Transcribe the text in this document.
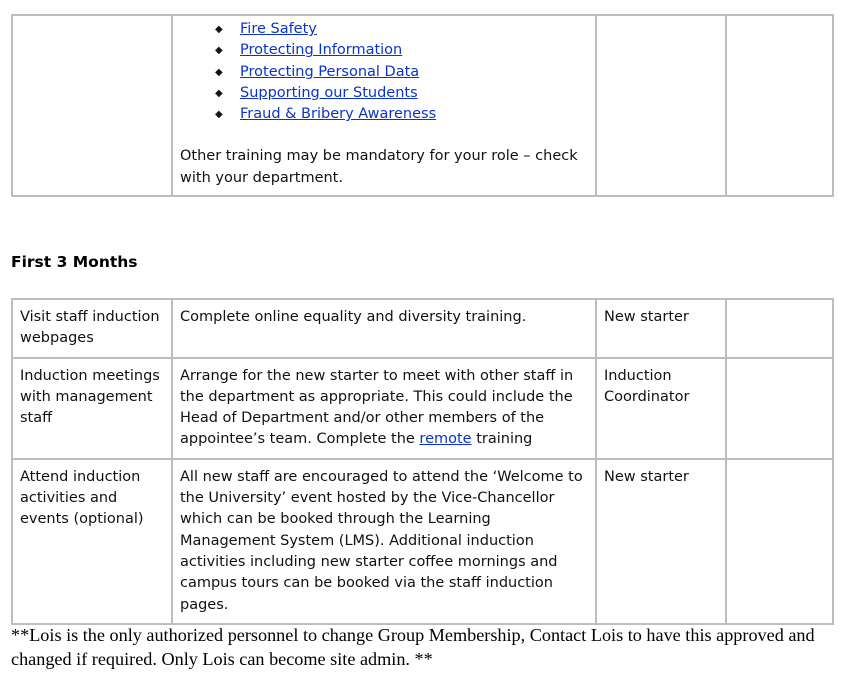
◆ Fire Safety
◆ Protecting Information
◆ Protecting Personal Data
◆ Supporting our Students
◆ Fraud & Bribery Awareness
Other training may be mandatory for your role – check with your department.

First 3 Months
Visit staff induction webpages	Complete online equality and diversity training.	New starter	
Induction meetings with management staff	Arrange for the new starter to meet with other staff in the department as appropriate. This could include the Head of Department and/or other members of the appointee’s team. Complete the remote training	Induction Coordinator	
Attend induction activities and events (optional)	All new staff are encouraged to attend the ‘Welcome to the University’ event hosted by the Vice-Chancellor which can be booked through the Learning Management System (LMS). Additional induction activities including new starter coffee mornings and campus tours can be booked via the staff induction pages.	New starter	

**Lois is the only authorized personnel to change Group Membership, Contact Lois to have this approved and changed if required. Only Lois can become site admin. **
